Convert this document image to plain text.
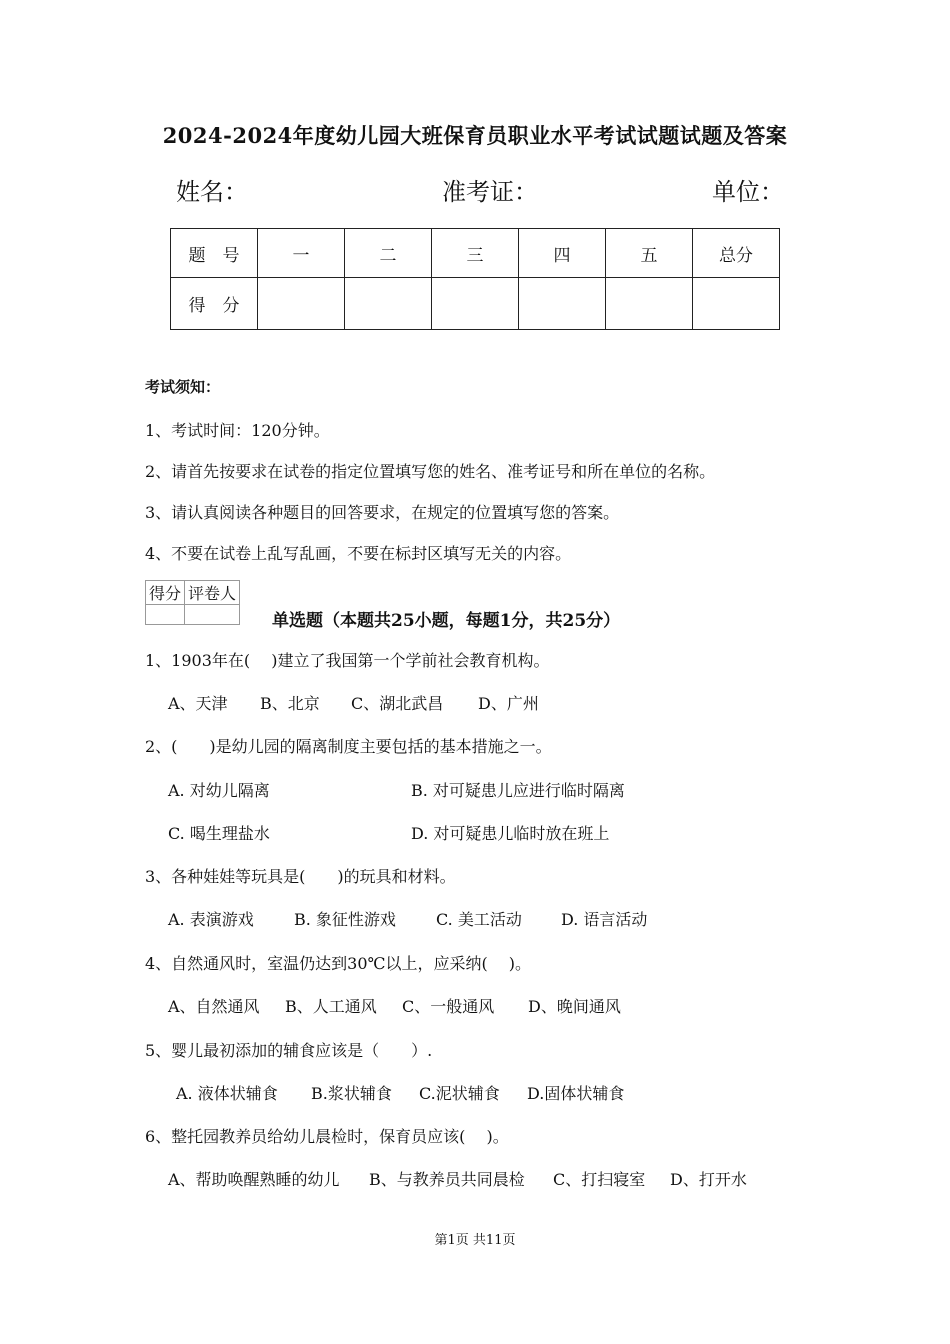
2024-2024年度幼儿园大班保育员职业水平考试试题试题及答案
姓名：	准考证：	单位：
题　号	一	二	三	四	五	总分
得　分						
考试须知：
1、考试时间：120分钟。
2、请首先按要求在试卷的指定位置填写您的姓名、准考证号和所在单位的名称。
3、请认真阅读各种题目的回答要求，在规定的位置填写您的答案。
4、不要在试卷上乱写乱画，不要在标封区填写无关的内容。
得分	评卷人

单选题（本题共25小题，每题1分，共25分）
1、1903年在(　 )建立了我国第一个学前社会教育机构。
A、天津 B、北京 C、湖北武昌 D、广州
2、(　　)是幼儿园的隔离制度主要包括的基本措施之一。
A. 对幼儿隔离	B. 对可疑患儿应进行临时隔离
C. 喝生理盐水	D. 对可疑患儿临时放在班上
3、各种娃娃等玩具是(　　)的玩具和材料。
A. 表演游戏	B. 象征性游戏	C. 美工活动 D. 语言活动
4、自然通风时，室温仍达到30℃以上，应采纳(　 )。
A、自然通风 B、人工通风 C、一般通风 D、晚间通风
5、婴儿最初添加的辅食应该是（　　）.
A. 液体状辅食 B.浆状辅食 C.泥状辅食 D.固体状辅食
6、整托园教养员给幼儿晨检时，保育员应该(　 )。
A、帮助唤醒熟睡的幼儿 B、与教养员共同晨检 C、打扫寝室 D、打开水
第1页 共11页
